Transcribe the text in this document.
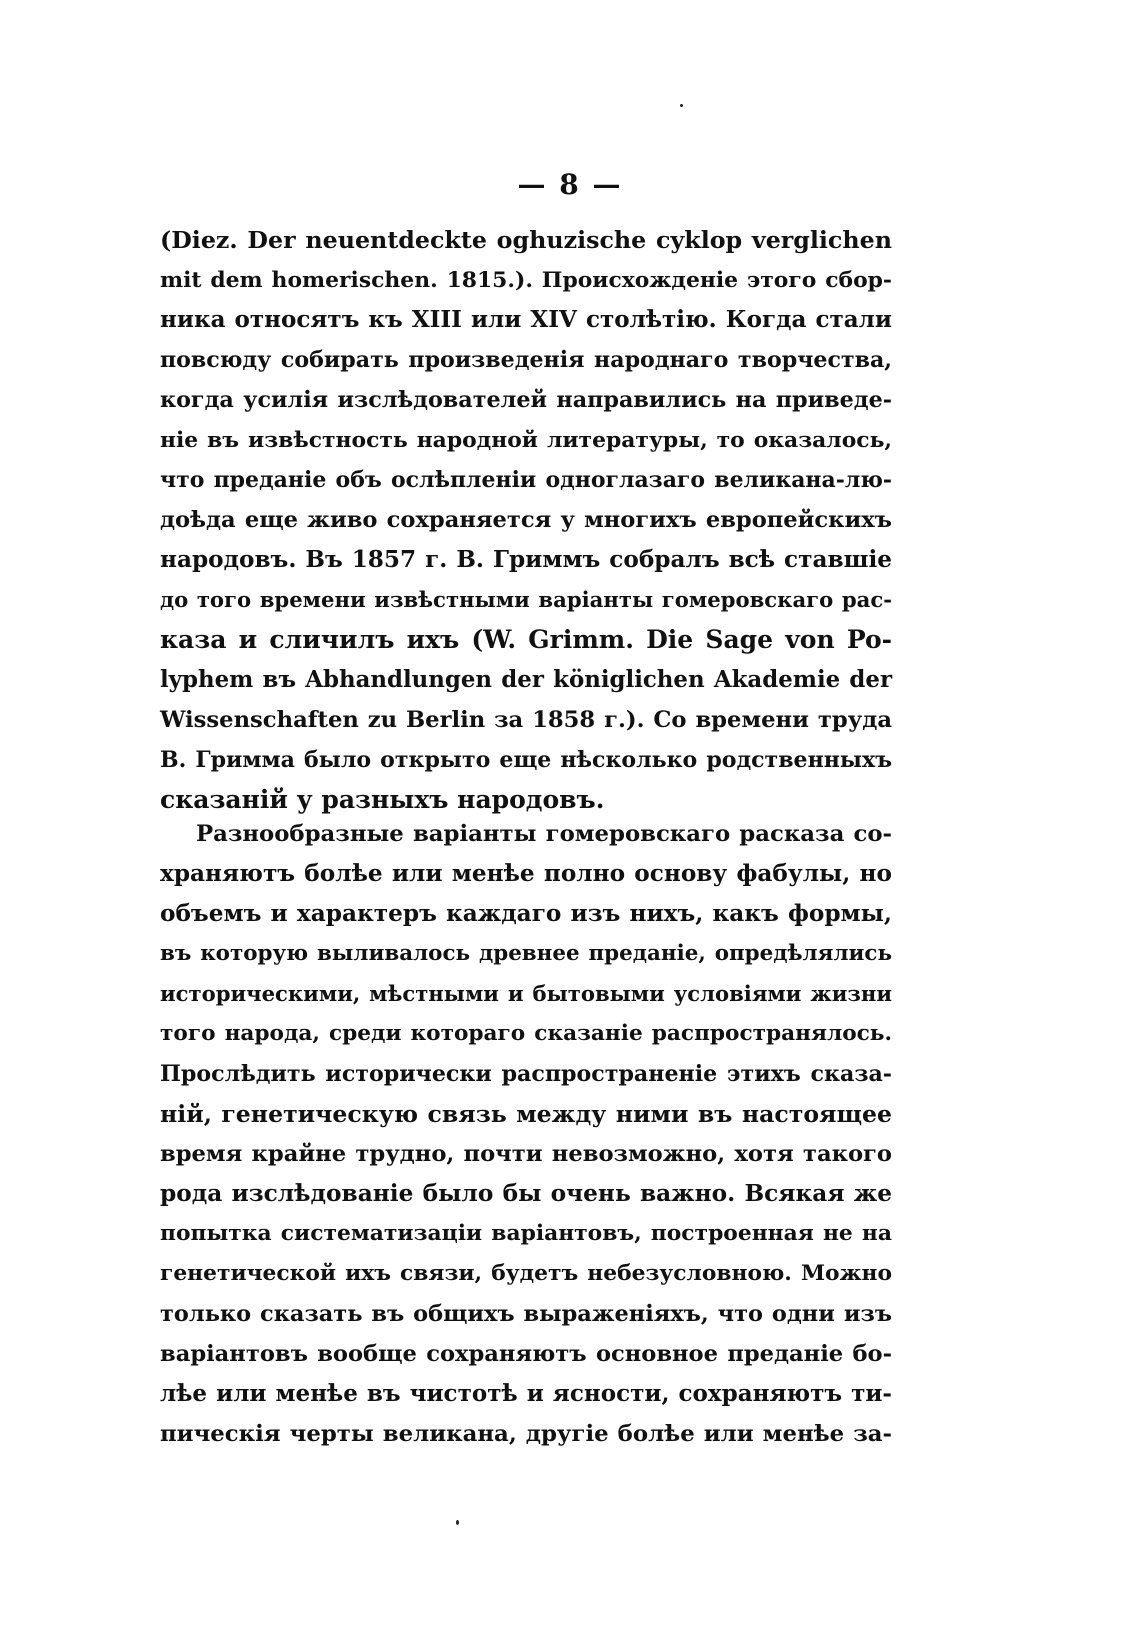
— 8 —
(Diez. Der neuentdeckte oghuzische cyklop verglichen
mit dem homerischen. 1815.). Происхожденіе этого сбор-
ника относятъ къ XIII или XIV столѣтію. Когда стали
повсюду собирать произведенія народнаго творчества,
когда усилія изслѣдователей направились на приведе-
ніе въ извѣстность народной литературы, то оказалось,
что преданіе объ ослѣпленіи одноглазаго великана-лю-
доѣда еще живо сохраняется у многихъ европейскихъ
народовъ. Въ 1857 г. В. Гриммъ собралъ всѣ ставшіе
до того времени извѣстными варіанты гомеровскаго рас-
каза и сличилъ ихъ (W. Grimm. Die Sage von Po-
lyphem въ Abhandlungen der königlichen Akademie der
Wissenschaften zu Berlin за 1858 г.). Со времени труда
В. Гримма было открыто еще нѣсколько родственныхъ
сказаній у разныхъ народовъ.
Разнообразные варіанты гомеровскаго расказа со-
храняютъ болѣе или менѣе полно основу фабулы, но
объемъ и характеръ каждаго изъ нихъ, какъ формы,
въ которую выливалось древнее преданіе, опредѣлялись
историческими, мѣстными и бытовыми условіями жизни
того народа, среди котораго сказаніе распространялось.
Прослѣдить исторически распространеніе этихъ сказа-
ній, генетическую связь между ними въ настоящее
время крайне трудно, почти невозможно, хотя такого
рода изслѣдованіе было бы очень важно. Всякая же
попытка систематизаціи варіантовъ, построенная не на
генетической ихъ связи, будетъ небезусловною. Можно
только сказать въ общихъ выраженіяхъ, что одни изъ
варіантовъ вообще сохраняютъ основное преданіе бо-
лѣе или менѣе въ чистотѣ и ясности, сохраняютъ ти-
пическія черты великана, другіе болѣе или менѣе за-
